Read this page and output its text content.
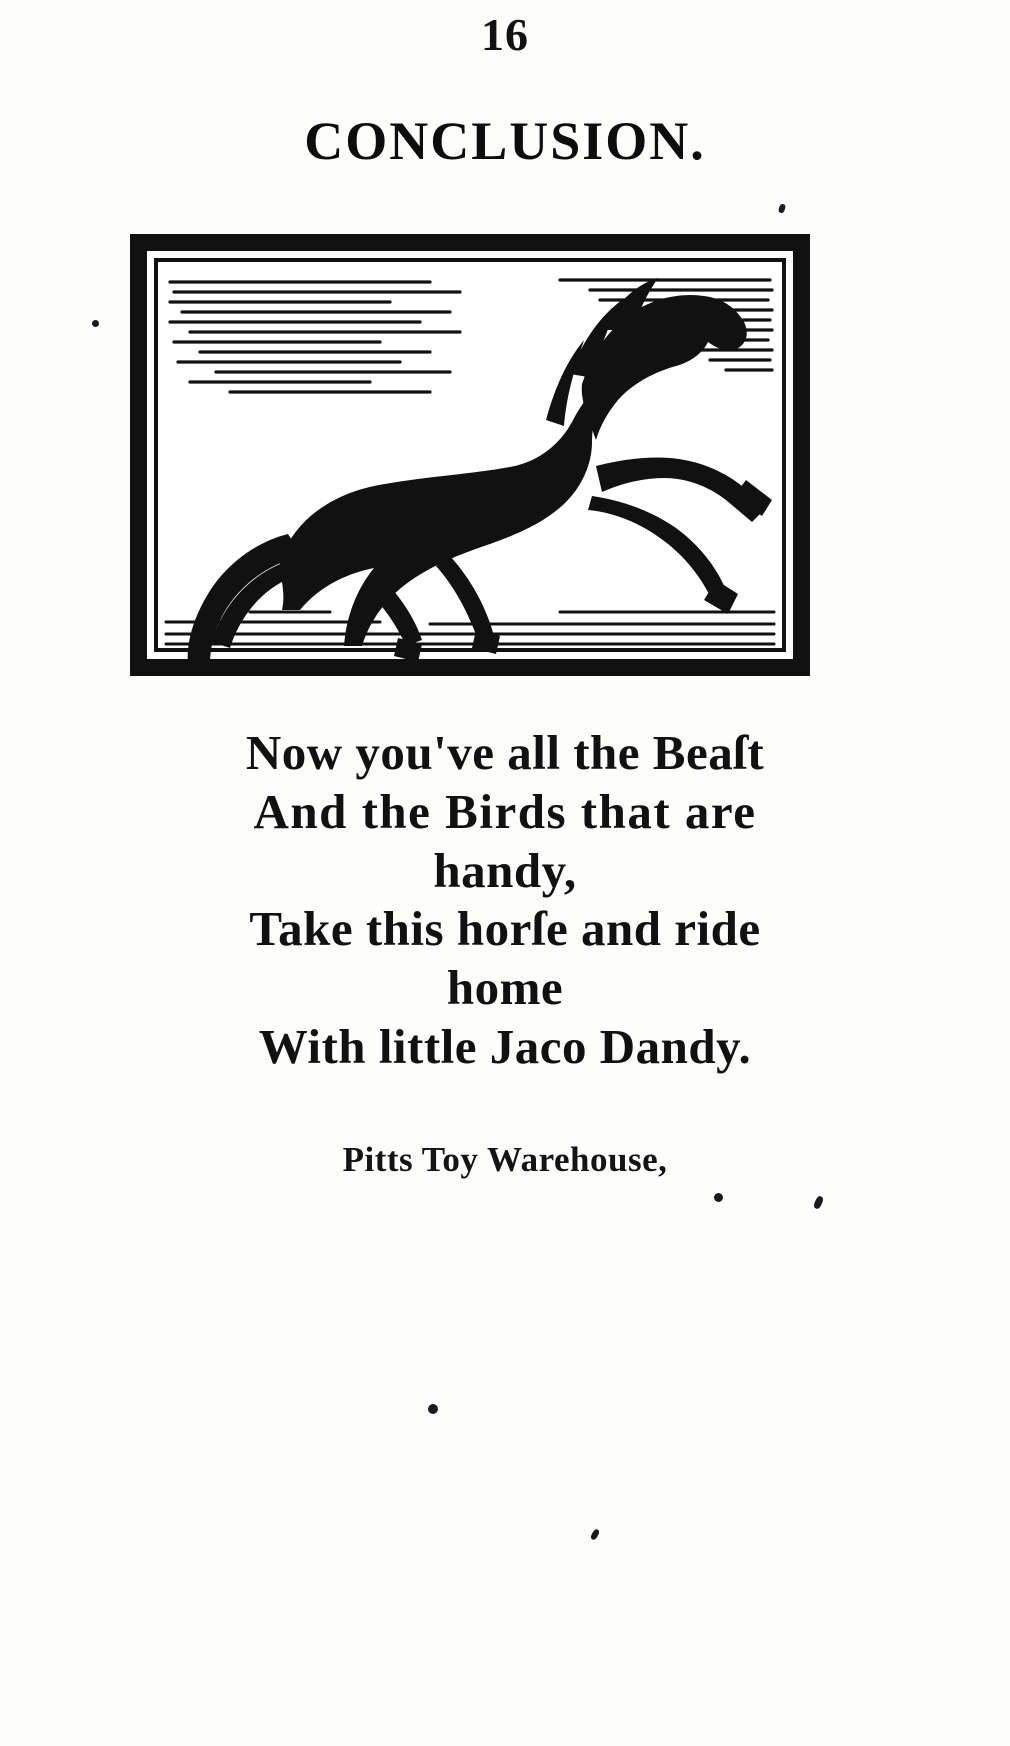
16
CONCLUSION.
Now you've all the Beaſt
And the Birds that are
handy,
Take this horſe and ride
home
With little Jacᴏ Dandy.
Pitts Toy Warehouse,
